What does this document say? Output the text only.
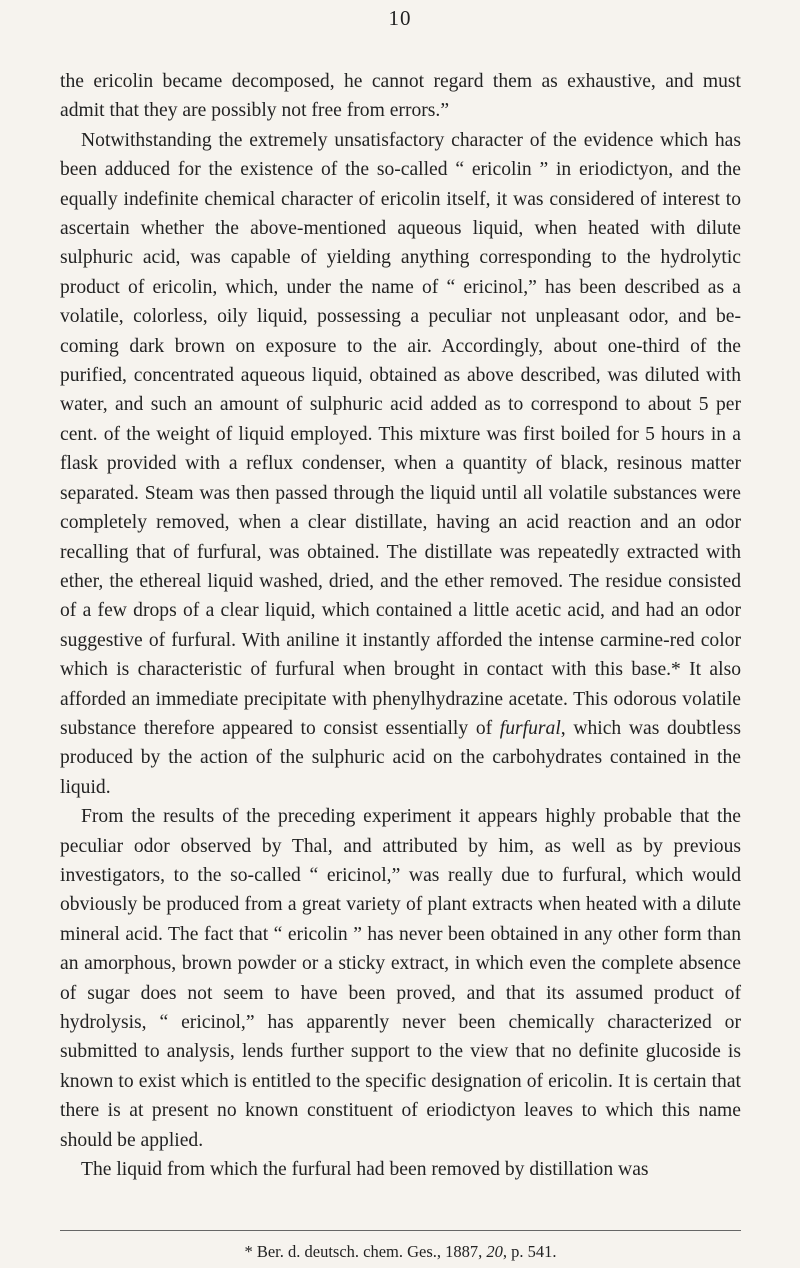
10

the ericolin became decomposed, he cannot regard them as exhaustive, and must admit that they are possibly not free from errors.”

Notwithstanding the extremely unsatisfactory character of the evidence which has been adduced for the existence of the so-called “ ericolin ” in eriodictyon, and the equally indefinite chemical character of ericolin itself, it was considered of interest to ascertain whether the above-mentioned aqueous liquid, when heated with dilute sulphuric acid, was capable of yielding anything corresponding to the hydrolytic product of ericolin, which, under the name of “ ericinol,” has been described as a volatile, colorless, oily liquid, possessing a peculiar not unpleasant odor, and becoming dark brown on exposure to the air. Accordingly, about one-third of the purified, concentrated aqueous liquid, obtained as above described, was diluted with water, and such an amount of sulphuric acid added as to correspond to about 5 per cent. of the weight of liquid employed. This mixture was first boiled for 5 hours in a flask provided with a reflux condenser, when a quantity of black, resinous matter separated. Steam was then passed through the liquid until all volatile substances were completely removed, when a clear distillate, having an acid reaction and an odor recalling that of furfural, was obtained. The distillate was repeatedly extracted with ether, the ethereal liquid washed, dried, and the ether removed. The residue consisted of a few drops of a clear liquid, which contained a little acetic acid, and had an odor suggestive of furfural. With aniline it instantly afforded the intense carmine-red color which is characteristic of furfural when brought in contact with this base.* It also afforded an immediate precipitate with phenylhydrazine acetate. This odorous volatile substance therefore appeared to consist essentially of furfural, which was doubtless produced by the action of the sulphuric acid on the carbohydrates contained in the liquid.

From the results of the preceding experiment it appears highly probable that the peculiar odor observed by Thal, and attributed by him, as well as by previous investigators, to the so-called “ ericinol,” was really due to furfural, which would obviously be produced from a great variety of plant extracts when heated with a dilute mineral acid. The fact that “ ericolin ” has never been obtained in any other form than an amorphous, brown powder or a sticky extract, in which even the complete absence of sugar does not seem to have been proved, and that its assumed product of hydrolysis, “ ericinol,” has apparently never been chemically characterized or submitted to analysis, lends further support to the view that no definite glucoside is known to exist which is entitled to the specific designation of ericolin. It is certain that there is at present no known constituent of eriodictyon leaves to which this name should be applied.

The liquid from which the furfural had been removed by distillation was

* Ber. d. deutsch. chem. Ges., 1887, 20, p. 541.
